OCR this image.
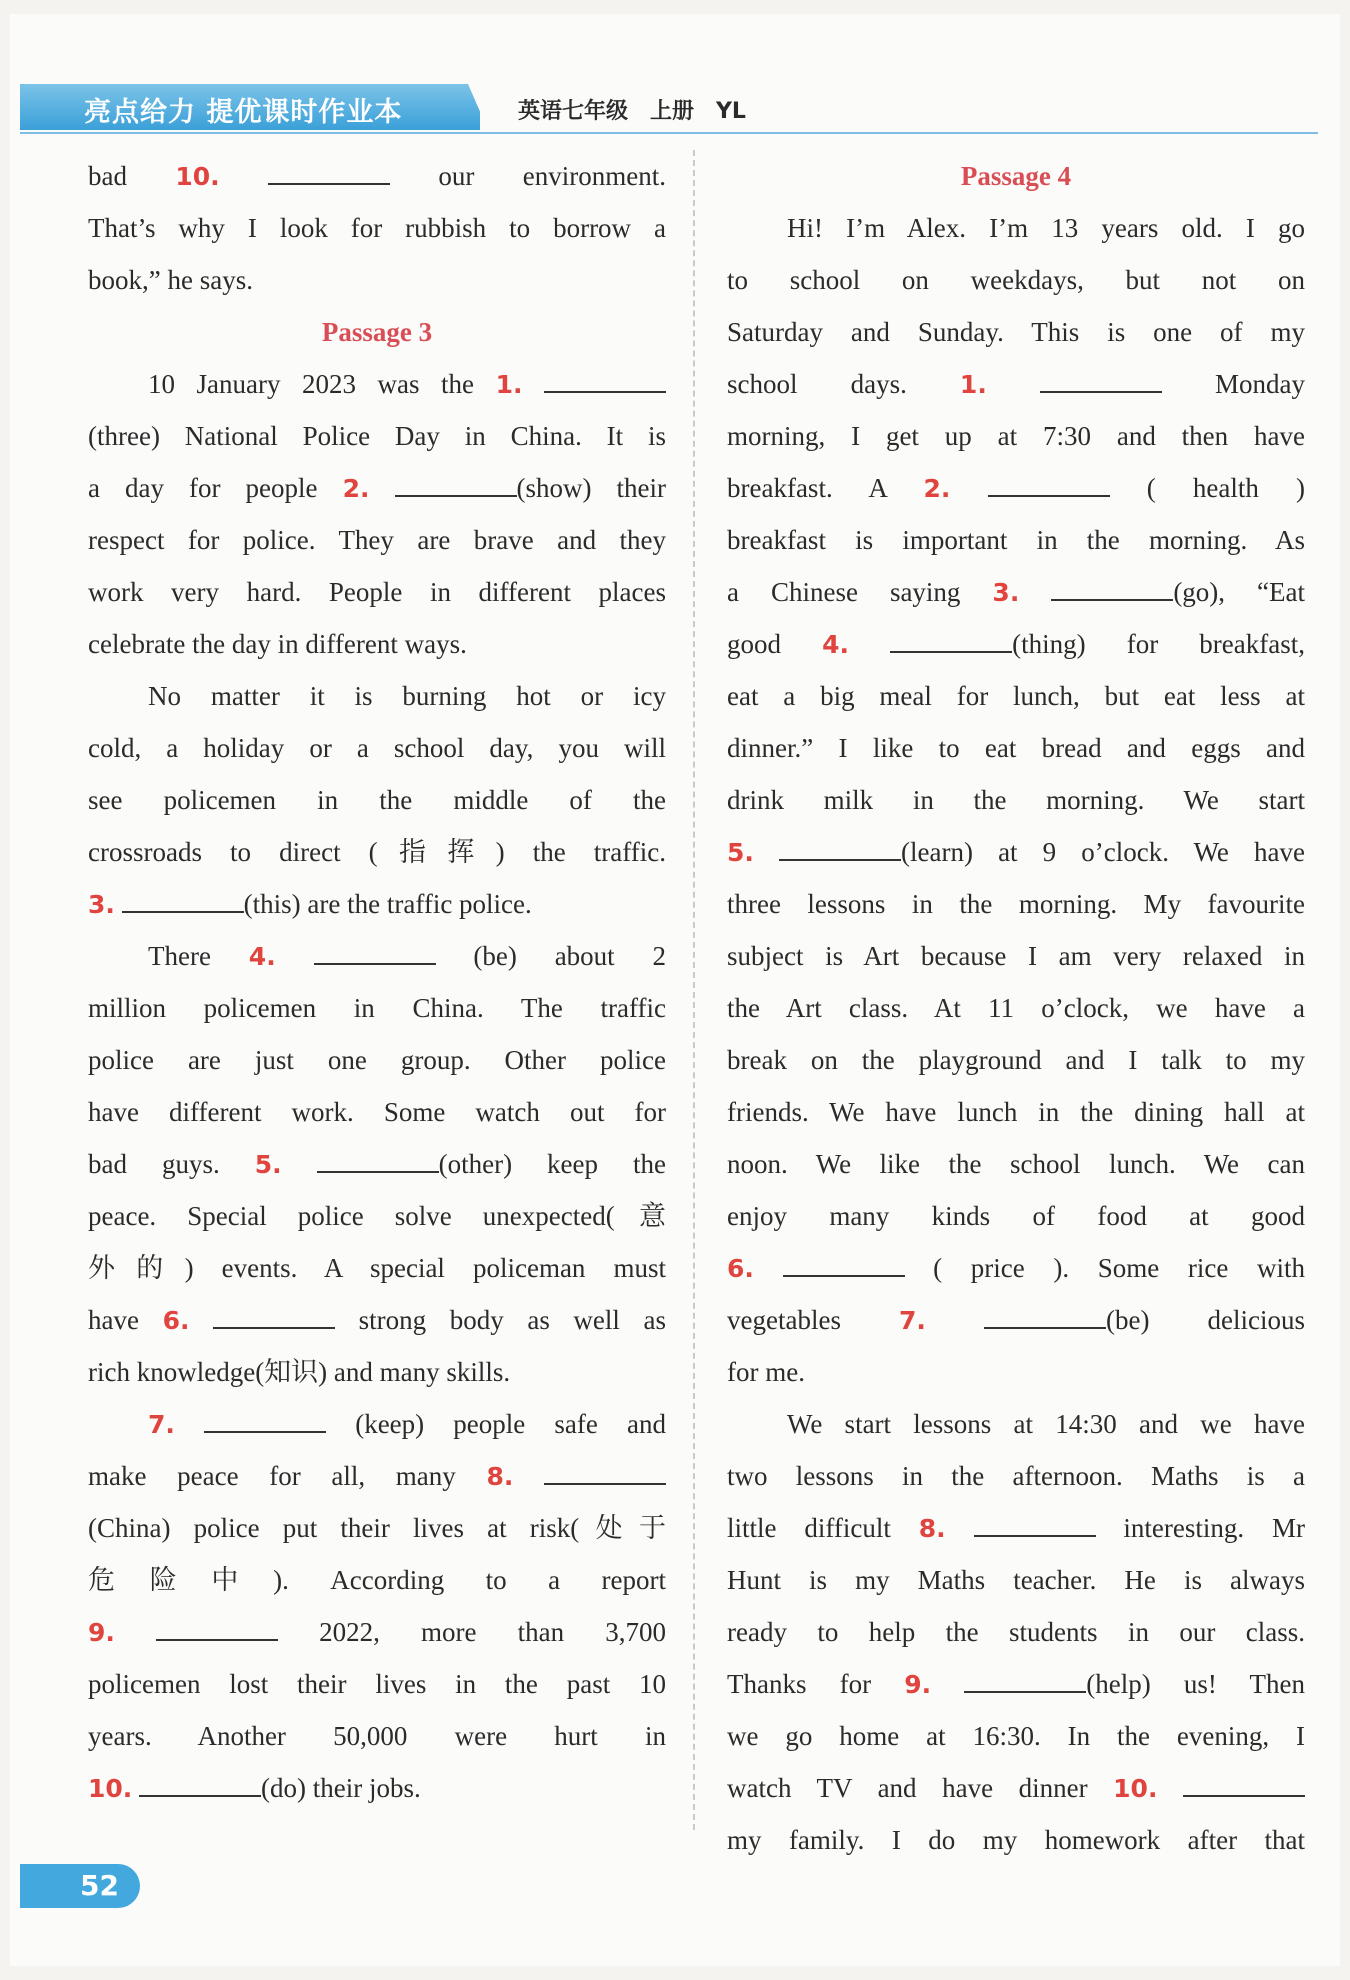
亮点给力 提优课时作业本	英语七年级　上册　YL
bad 10.	our environment.
That’s why I look for rubbish to borrow a
book,” he says.
Passage 3
10 January 2023 was the 1.
(three) National Police Day in China. It is
a day for people 2.	(show) their
respect for police. They are brave and they
work very hard. People in different places
celebrate the day in different ways.
No matter it is burning hot or icy
cold, a holiday or a school day, you will
see policemen in the middle of the
crossroads to direct (指挥) the traffic.
3.	(this) are the traffic police.
There 4.	(be) about 2
million policemen in China. The traffic
police are just one group. Other police
have different work. Some watch out for
bad guys. 5.	(other) keep the
peace. Special police solve unexpected(意
外的) events. A special policeman must
have 6.	strong body as well as
rich knowledge(知识) and many skills.
7.	(keep) people safe and
make peace for all, many 8.
(China) police put their lives at risk(处于
危险中). According to a report
9.	2022, more than 3,700
policemen lost their lives in the past 10
years. Another 50,000 were hurt in
10.	(do) their jobs.
Passage 4
Hi! I’m Alex. I’m 13 years old. I go
to school on weekdays, but not on
Saturday and Sunday. This is one of my
school days. 1.	Monday
morning, I get up at 7:30 and then have
breakfast. A 2.	( health )
breakfast is important in the morning. As
a Chinese saying 3.	(go), “Eat
good 4.	(thing) for breakfast,
eat a big meal for lunch, but eat less at
dinner.” I like to eat bread and eggs and
drink milk in the morning. We start
5.	(learn) at 9 o’clock. We have
three lessons in the morning. My favourite
subject is Art because I am very relaxed in
the Art class. At 11 o’clock, we have a
break on the playground and I talk to my
friends. We have lunch in the dining hall at
noon. We like the school lunch. We can
enjoy many kinds of food at good
6.	( price ). Some rice with
vegetables 7.	(be) delicious
for me.
We start lessons at 14:30 and we have
two lessons in the afternoon. Maths is a
little difficult 8.	interesting. Mr
Hunt is my Maths teacher. He is always
ready to help the students in our class.
Thanks for 9.	(help) us! Then
we go home at 16:30. In the evening, I
watch TV and have dinner 10.
my family. I do my homework after that
52
